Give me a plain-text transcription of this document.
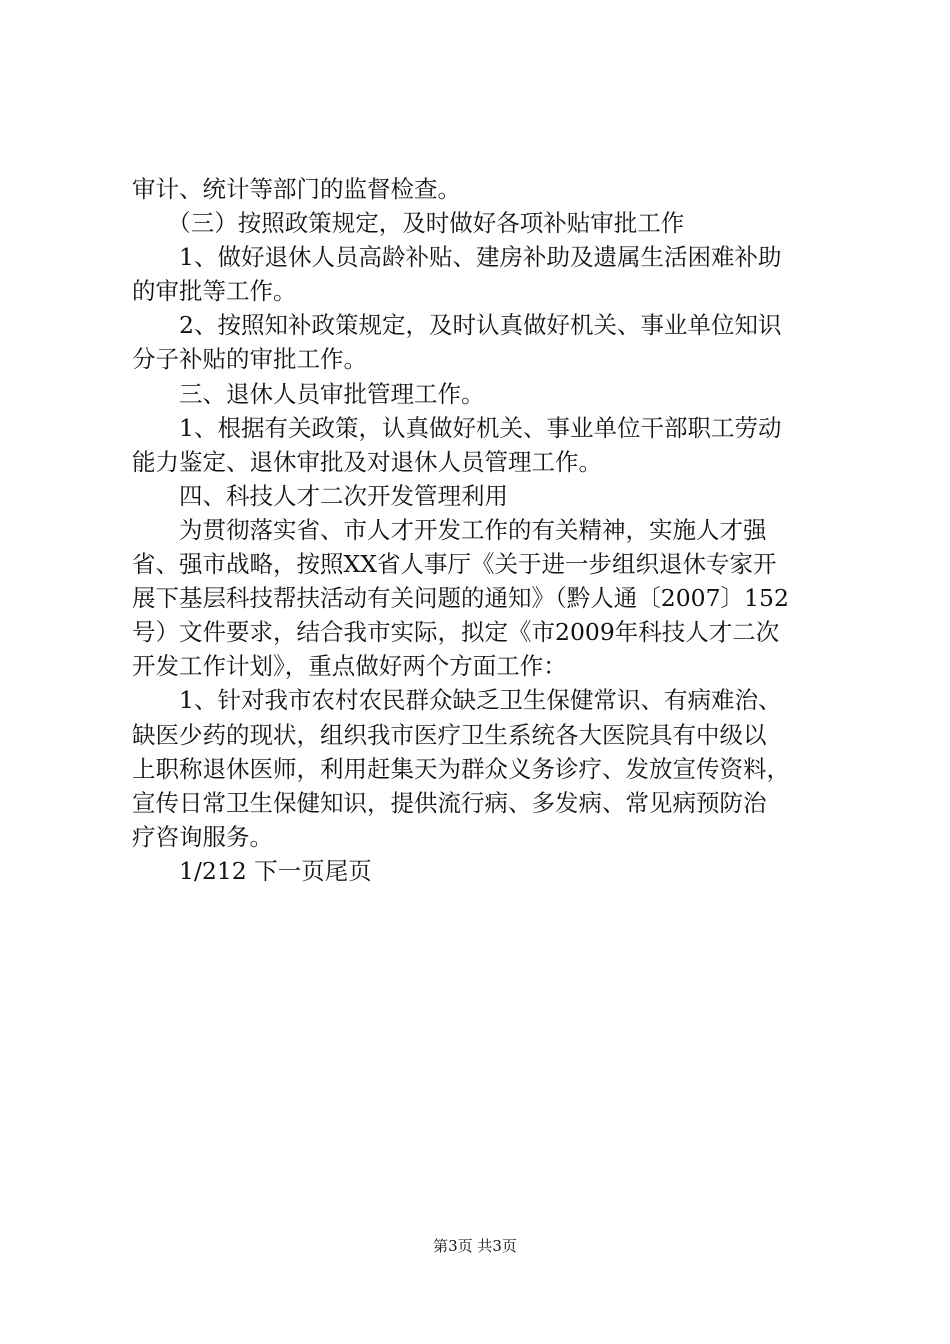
审计、统计等部门的监督检查。
　　（三）按照政策规定，及时做好各项补贴审批工作
　　1、做好退休人员高龄补贴、建房补助及遗属生活困难补助
的审批等工作。
　　2、按照知补政策规定，及时认真做好机关、事业单位知识
分子补贴的审批工作。
　　三、退休人员审批管理工作。
　　1、根据有关政策，认真做好机关、事业单位干部职工劳动
能力鉴定、退休审批及对退休人员管理工作。
　　四、科技人才二次开发管理利用
　　为贯彻落实省、市人才开发工作的有关精神，实施人才强
省、强市战略，按照XX省人事厅《关于进一步组织退休专家开
展下基层科技帮扶活动有关问题的通知》（黔人通〔2007〕152
号）文件要求，结合我市实际，拟定《市2009年科技人才二次
开发工作计划》，重点做好两个方面工作：
　　1、针对我市农村农民群众缺乏卫生保健常识、有病难治、
缺医少药的现状，组织我市医疗卫生系统各大医院具有中级以
上职称退休医师，利用赶集天为群众义务诊疗、发放宣传资料，
宣传日常卫生保健知识，提供流行病、多发病、常见病预防治
疗咨询服务。
　　1/212 下一页尾页
第3页 共3页
